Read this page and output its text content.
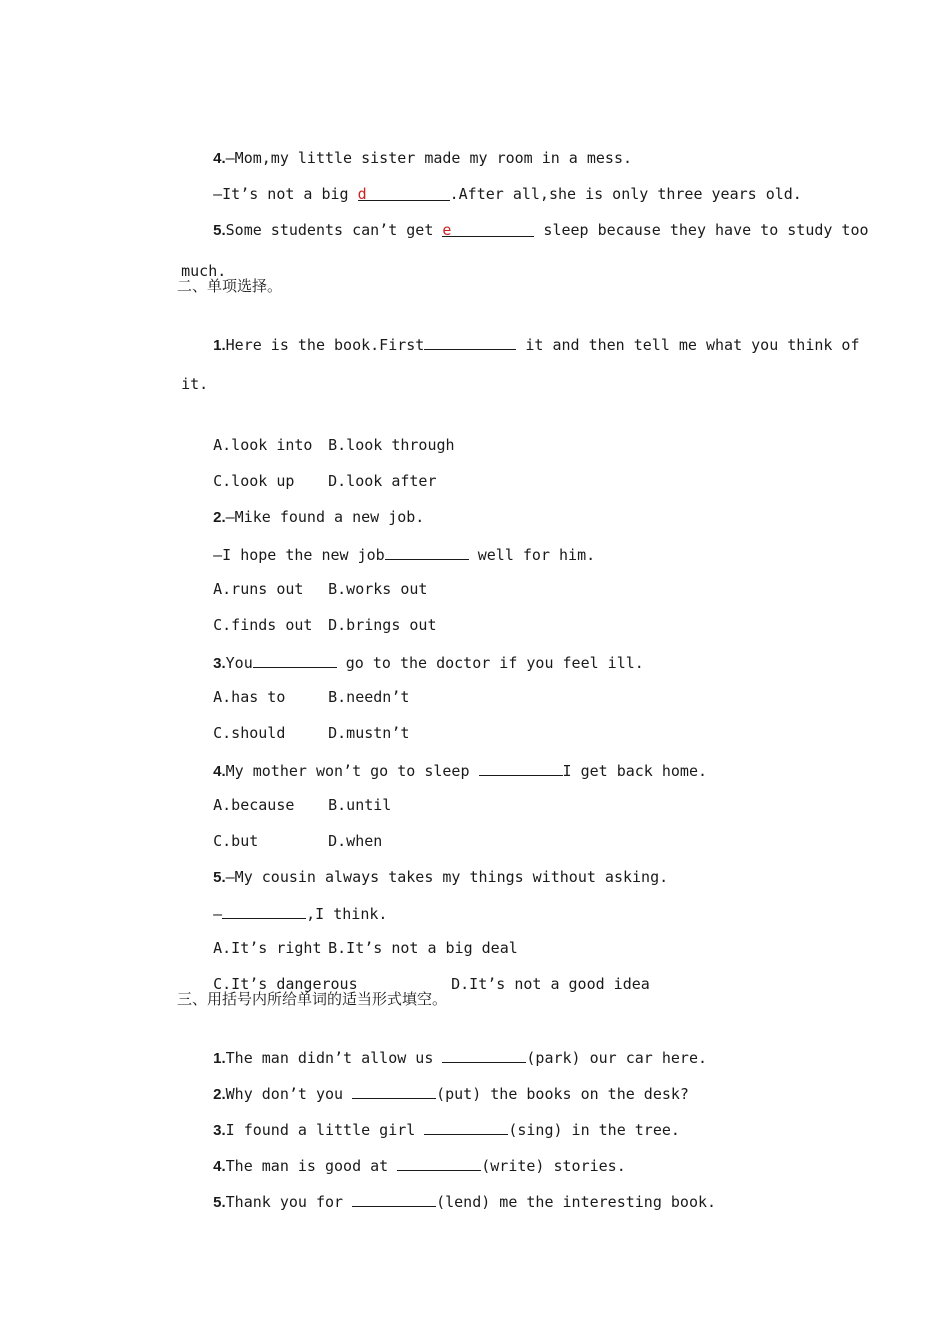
4.—Mom,my little sister made my room in a mess.

—It’s not a big d	.After all,she is only three years old.

5.Some students can’t get e	sleep because they have to study too

much.

二、单项选择。

1.Here is the book.First	it and then tell me what you think of

it.

A.look into B.look through

C.look up D.look after

2.—Mike found a new job.

—I hope the new job	well for him.

A.runs out B.works out

C.finds out D.brings out

3.You	go to the doctor if you feel ill.

A.has to	B.needn’t

C.should	D.mustn’t

4.My mother won’t go to sleep	I get back home.

A.because B.until

C.but	D.when

5.—My cousin always takes my things without asking.

—	,I think.

A.It’s right B.It’s not a big deal

C.It’s dangerous	D.It’s not a good idea

三、用括号内所给单词的适当形式填空。

1.The man didn’t allow us	(park) our car here.

2.Why don’t you	(put) the books on the desk?

3.I found a little girl	(sing) in the tree.

4.The man is good at	(write) stories.

5.Thank you for	(lend) me the interesting book.
